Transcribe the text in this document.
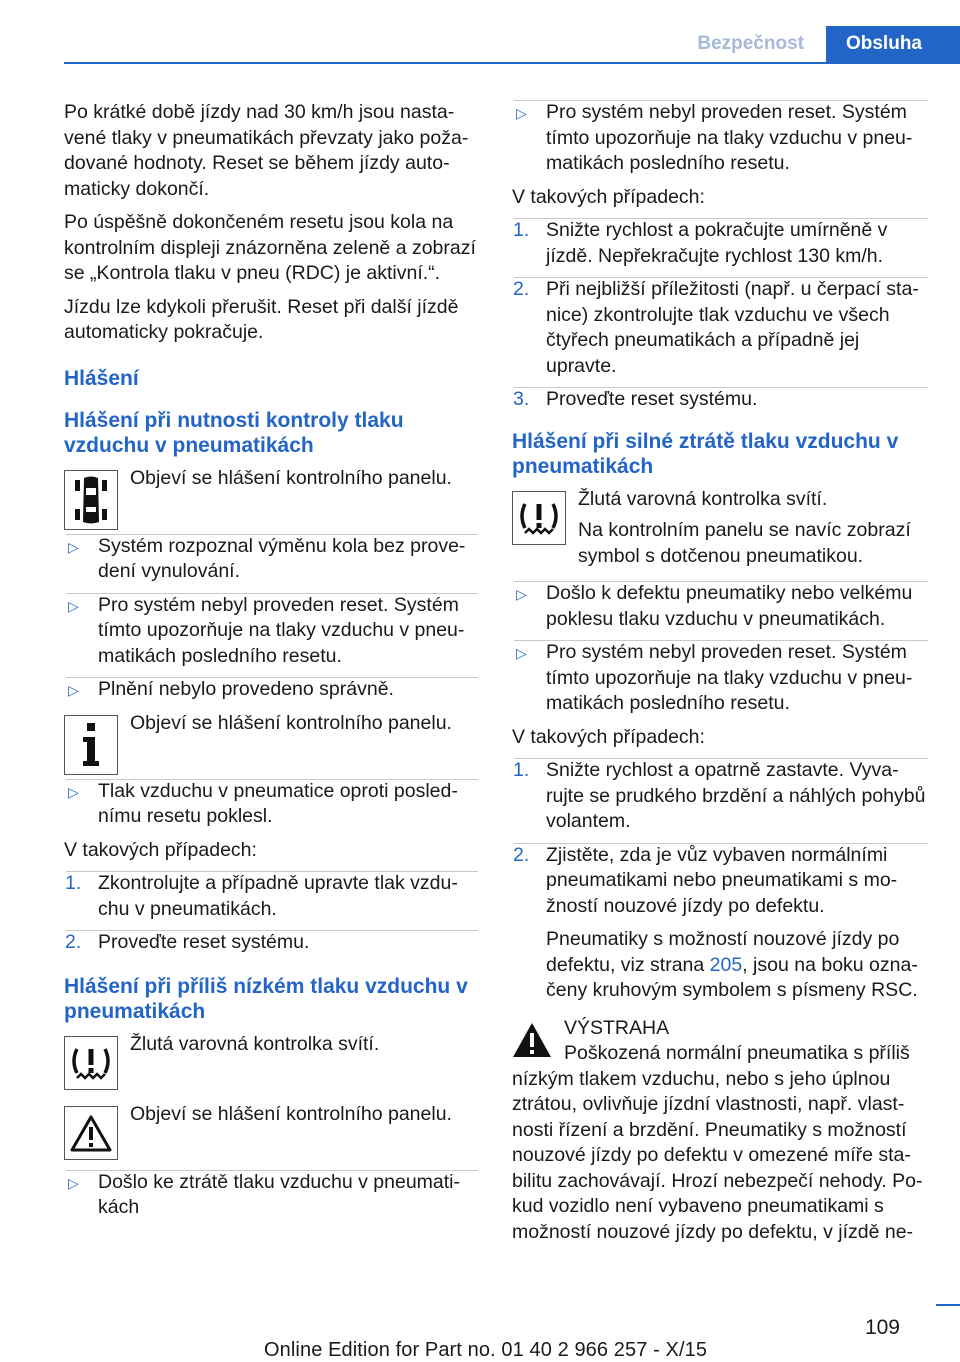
Bezpečnost	Obsluha

Po krátké době jízdy nad 30 km/h jsou nastavené tlaky v pneumatikách převzaty jako požadované hodnoty. Reset se během jízdy automaticky dokončí.

Po úspěšně dokončeném resetu jsou kola na kontrolním displeji znázorněna zeleně a zobrazí se „Kontrola tlaku v pneu (RDC) je aktivní.“.

Jízdu lze kdykoli přerušit. Reset při další jízdě automaticky pokračuje.

Hlášení
Hlášení při nutnosti kontroly tlaku vzduchu v pneumatikách
Objeví se hlášení kontrolního panelu.
▷ Systém rozpoznal výměnu kola bez provedení vynulování.
▷ Pro systém nebyl proveden reset. Systém tímto upozorňuje na tlaky vzduchu v pneumatikách posledního resetu.
▷ Plnění nebylo provedeno správně.
Objeví se hlášení kontrolního panelu.
▷ Tlak vzduchu v pneumatice oproti poslednímu resetu poklesl.

V takových případech:

1. Zkontrolujte a případně upravte tlak vzduchu v pneumatikách.
2. Proveďte reset systému.
Hlášení při příliš nízkém tlaku vzduchu v pneumatikách
Žlutá varovná kontrolka svítí.
Objeví se hlášení kontrolního panelu.
▷ Došlo ke ztrátě tlaku vzduchu v pneumatikách
▷ Pro systém nebyl proveden reset. Systém tímto upozorňuje na tlaky vzduchu v pneumatikách posledního resetu.

V takových případech:

1. Snižte rychlost a pokračujte umírněně v jízdě. Nepřekračujte rychlost 130 km/h.
2. Při nejbližší příležitosti (např. u čerpací stanice) zkontrolujte tlak vzduchu ve všech čtyřech pneumatikách a případně jej upravte.
3. Proveďte reset systému.
Hlášení při silné ztrátě tlaku vzduchu v pneumatikách

Žlutá varovná kontrolka svítí.

Na kontrolním panelu se navíc zobrazí symbol s dotčenou pneumatikou.

▷ Došlo k defektu pneumatiky nebo velkému poklesu tlaku vzduchu v pneumatikách.
▷ Pro systém nebyl proveden reset. Systém tímto upozorňuje na tlaky vzduchu v pneumatikách posledního resetu.

V takových případech:

1. Snižte rychlost a opatrně zastavte. Vyvarujte se prudkého brzdění a náhlých pohybů volantem.
2. Zjistěte, zda je vůz vybaven normálními pneumatikami nebo pneumatikami s možností nouzové jízdy po defektu.

Pneumatiky s možností nouzové jízdy po defektu, viz strana 205, jsou na boku označeny kruhovým symbolem s písmeny RSC.

VÝSTRAHA
Poškozená normální pneumatika s příliš nízkým tlakem vzduchu, nebo s jeho úplnou ztrátou, ovlivňuje jízdní vlastnosti, např. vlastnosti řízení a brzdění. Pneumatiky s možností nouzové jízdy po defektu v omezené míře stabilitu zachovávají. Hrozí nebezpečí nehody. Pokud vozidlo není vybaveno pneumatikami s možností nouzové jízdy po defektu, v jízdě ne-
109
Online Edition for Part no. 01 40 2 966 257 - X/15
